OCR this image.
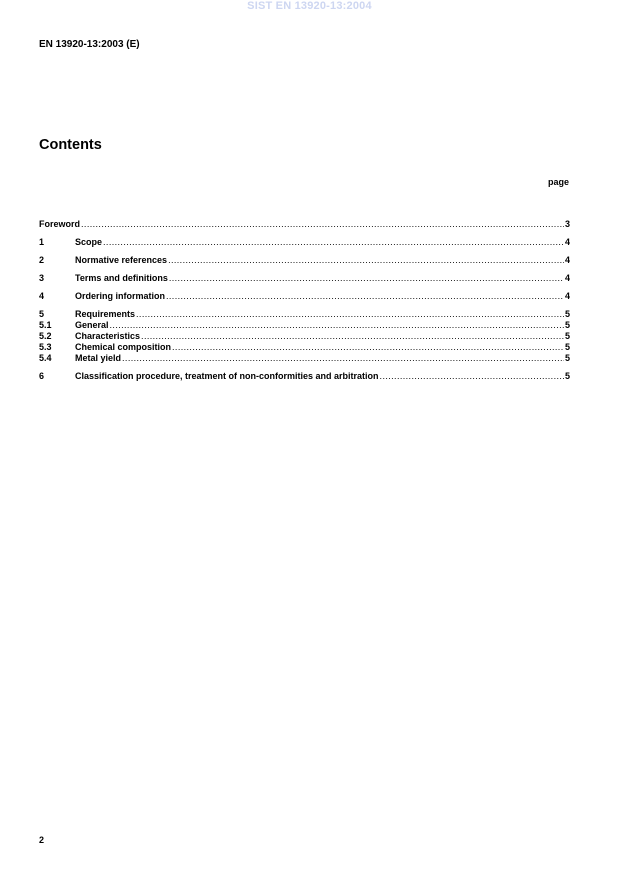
SIST EN 13920-13:2004
EN 13920-13:2003 (E)
Contents
page
Foreword .....	3
1	Scope .....	4
2	Normative references .....	4
3	Terms and definitions .....	4
4	Ordering information .....	4
5	Requirements .....	5
5.1	General .....	5
5.2	Characteristics .....	5
5.3	Chemical composition .....	5
5.4	Metal yield .....	5
6	Classification procedure, treatment of non-conformities and arbitration .....	5
2
